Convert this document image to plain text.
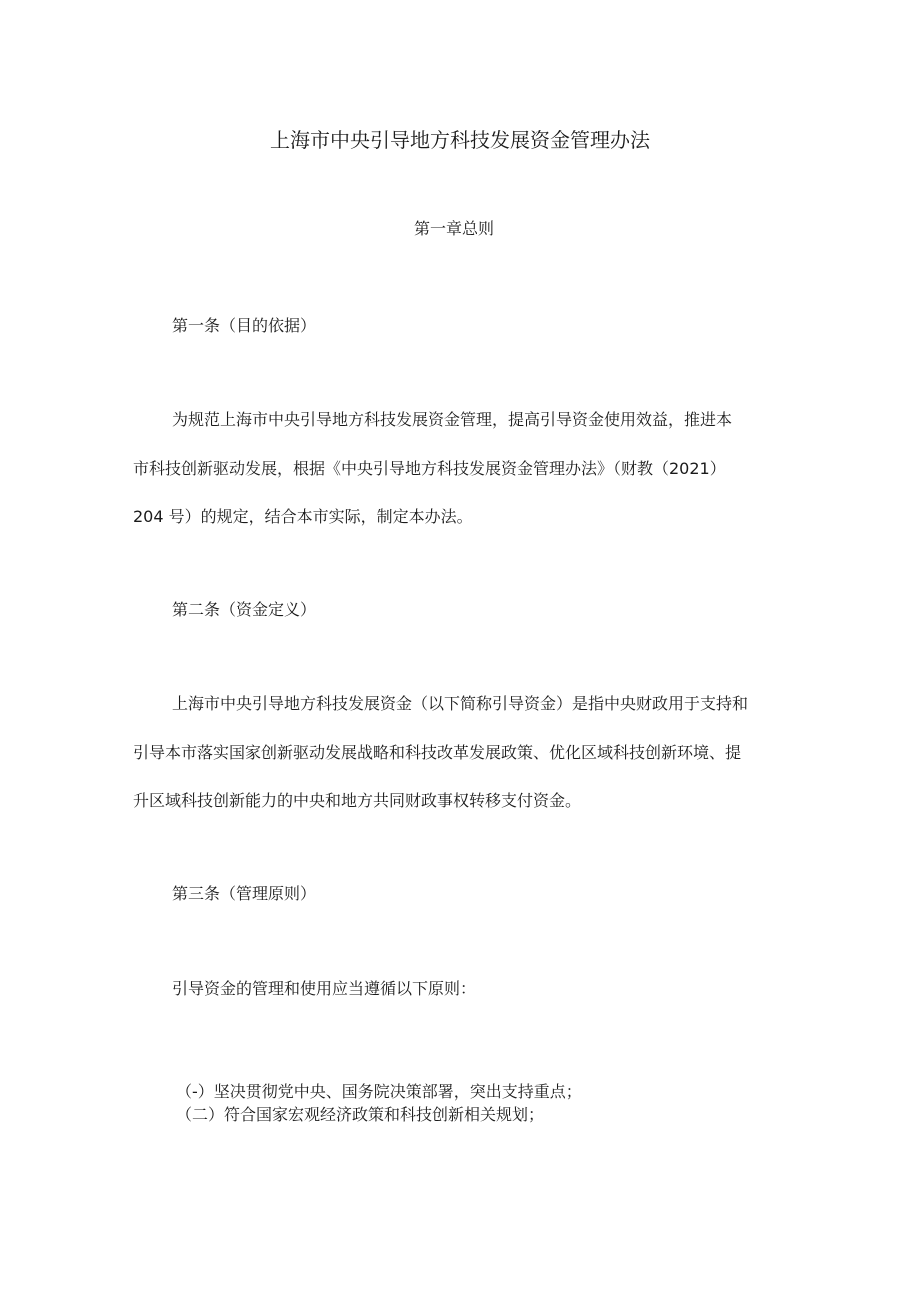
上海市中央引导地方科技发展资金管理办法
第一章总则
第一条（目的依据）
为规范上海市中央引导地方科技发展资金管理，提高引导资金使用效益，推进本
市科技创新驱动发展，根据《中央引导地方科技发展资金管理办法》（财教（2021）
204 号）的规定，结合本市实际，制定本办法。
第二条（资金定义）
上海市中央引导地方科技发展资金（以下简称引导资金）是指中央财政用于支持和
引导本市落实国家创新驱动发展战略和科技改革发展政策、优化区域科技创新环境、提
升区域科技创新能力的中央和地方共同财政事权转移支付资金。
第三条（管理原则）
引导资金的管理和使用应当遵循以下原则：
（-）坚决贯彻党中央、国务院决策部署，突出支持重点；
（二）符合国家宏观经济政策和科技创新相关规划；
